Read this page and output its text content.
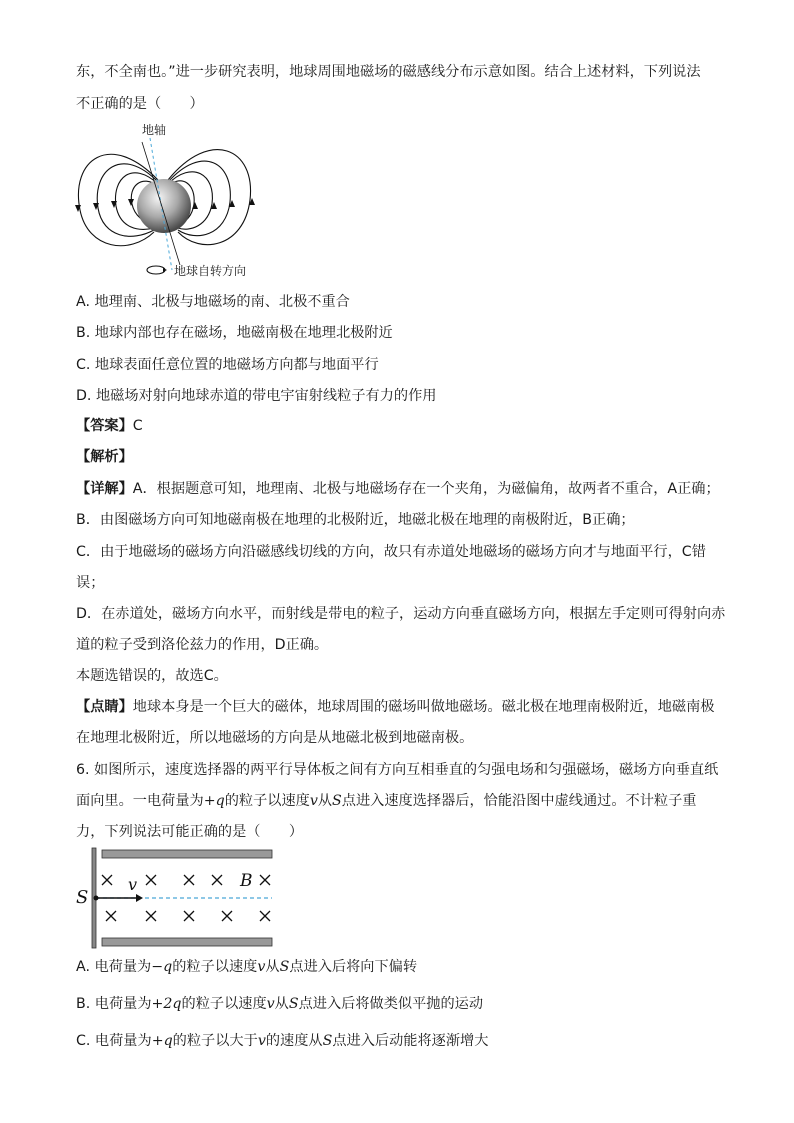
东，不全南也。”进一步研究表明，地球周围地磁场的磁感线分布示意如图。结合上述材料，下列说法
不正确的是（　　）
地轴
地球自转方向
A. 地理南、北极与地磁场的南、北极不重合
B. 地球内部也存在磁场，地磁南极在地理北极附近
C. 地球表面任意位置的地磁场方向都与地面平行
D. 地磁场对射向地球赤道的带电宇宙射线粒子有力的作用
【答案】C
【解析】
【详解】A．根据题意可知，地理南、北极与地磁场存在一个夹角，为磁偏角，故两者不重合，A正确；
B．由图磁场方向可知地磁南极在地理的北极附近，地磁北极在地理的南极附近，B正确；
C．由于地磁场的磁场方向沿磁感线切线的方向，故只有赤道处地磁场的磁场方向才与地面平行，C错
误；
D．在赤道处，磁场方向水平，而射线是带电的粒子，运动方向垂直磁场方向，根据左手定则可得射向赤
道的粒子受到洛伦兹力的作用，D正确。
本题选错误的，故选C。
【点睛】地球本身是一个巨大的磁体，地球周围的磁场叫做地磁场。磁北极在地理南极附近，地磁南极
在地理北极附近，所以地磁场的方向是从地磁北极到地磁南极。
6. 如图所示，速度选择器的两平行导体板之间有方向互相垂直的匀强电场和匀强磁场，磁场方向垂直纸
面向里。一电荷量为+q的粒子以速度v从S点进入速度选择器后，恰能沿图中虚线通过。不计粒子重
力，下列说法可能正确的是（　　）
S
v	B
A. 电荷量为−q的粒子以速度v从S点进入后将向下偏转
B. 电荷量为+2q的粒子以速度v从S点进入后将做类似平抛的运动
C. 电荷量为+q的粒子以大于v的速度从S点进入后动能将逐渐增大
